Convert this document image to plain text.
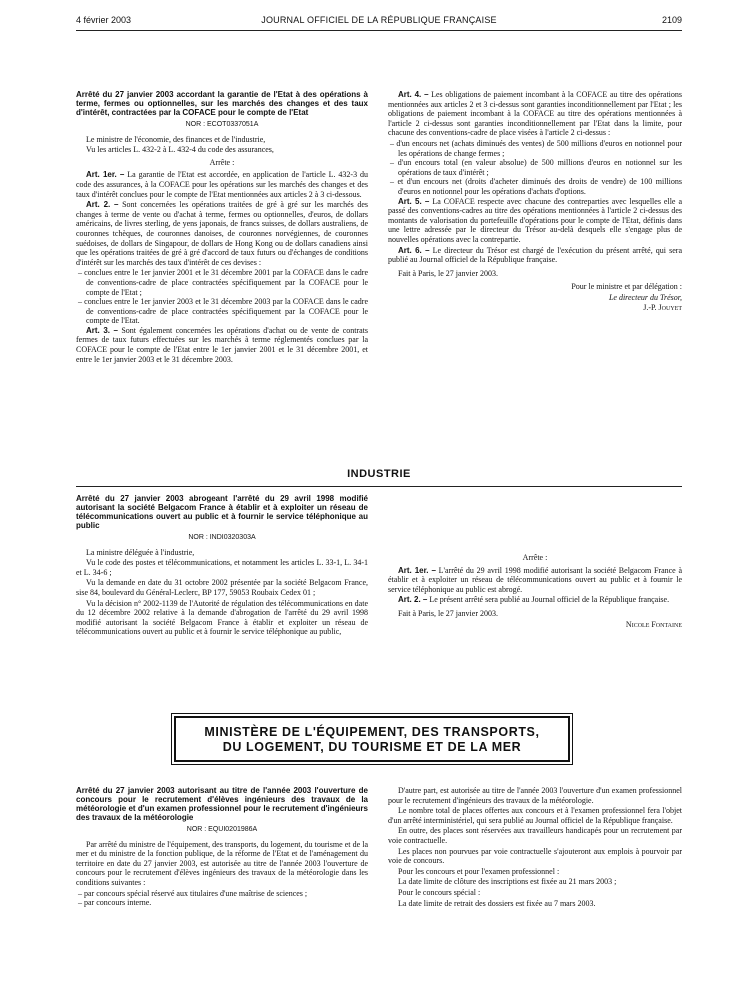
4 février 2003	JOURNAL OFFICIEL DE LA RÉPUBLIQUE FRANÇAISE	2109

Arrêté du 27 janvier 2003 accordant la garantie de l'Etat à des opérations à terme, fermes ou optionnelles, sur les marchés des changes et des taux d'intérêt, contractées par la COFACE pour le compte de l'Etat

NOR : ECOT0337051A

Le ministre de l'économie, des finances et de l'industrie,

Vu les articles L. 432-2 à L. 432-4 du code des assurances,

Arrête :

Art. 1er. – La garantie de l'Etat est accordée, en application de l'article L. 432-3 du code des assurances, à la COFACE pour les opérations sur les marchés des changes et des taux d'intérêt conclues pour le compte de l'Etat mentionnées aux articles 2 à 3 ci-dessous.

Art. 2. – Sont concernées les opérations traitées de gré à gré sur les marchés des changes à terme de vente ou d'achat à terme, fermes ou optionnelles, d'euros, de dollars américains, de livres sterling, de yens japonais, de francs suisses, de dollars australiens, de couronnes tchèques, de couronnes danoises, de couronnes norvégiennes, de couronnes suédoises, de dollars de Singapour, de dollars de Hong Kong ou de dollars canadiens ainsi que les opérations traitées de gré à gré d'accord de taux futurs ou d'échanges de conditions d'intérêt sur les marchés des taux d'intérêt de ces devises :

– conclues entre le 1er janvier 2001 et le 31 décembre 2001 par la COFACE dans le cadre de conventions-cadre de place contractées spécifiquement par la COFACE pour le compte de l'Etat ;
– conclues entre le 1er janvier 2003 et le 31 décembre 2003 par la COFACE dans le cadre de conventions-cadre de place contractées spécifiquement par la COFACE pour le compte de l'Etat.

Art. 3. – Sont également concernées les opérations d'achat ou de vente de contrats fermes de taux futurs effectuées sur les marchés à terme réglementés conclues par la COFACE pour le compte de l'Etat entre le 1er janvier 2001 et le 31 décembre 2001, et entre le 1er janvier 2003 et le 31 décembre 2003.

Art. 4. – Les obligations de paiement incombant à la COFACE au titre des opérations mentionnées aux articles 2 et 3 ci-dessus sont garanties inconditionnellement par l'Etat ; les obligations de paiement incombant à la COFACE au titre des opérations mentionnées à l'article 2 ci-dessus sont garanties inconditionnellement par l'Etat dans la limite, pour chacune des conventions-cadre de place visées à l'article 2 ci-dessus :

– d'un encours net (achats diminués des ventes) de 500 millions d'euros en notionnel pour les opérations de change fermes ;
– d'un encours total (en valeur absolue) de 500 millions d'euros en notionnel sur les opérations de taux d'intérêt ;
– et d'un encours net (droits d'acheter diminués des droits de vendre) de 100 millions d'euros en notionnel pour les opérations d'achats d'options.

Art. 5. – La COFACE respecte avec chacune des contreparties avec lesquelles elle a passé des conventions-cadres au titre des opérations mentionnées à l'article 2 ci-dessus des montants de valorisation du portefeuille d'opérations pour le compte de l'Etat, définis dans une lettre adressée par le directeur du Trésor au-delà desquels elle s'engage plus de nouvelles opérations avec la contrepartie.

Art. 6. – Le directeur du Trésor est chargé de l'exécution du présent arrêté, qui sera publié au Journal officiel de la République française.

Fait à Paris, le 27 janvier 2003.

Pour le ministre et par délégation :

Le directeur du Trésor,

J.-P. Jouyet

INDUSTRIE

Arrêté du 27 janvier 2003 abrogeant l'arrêté du 29 avril 1998 modifié autorisant la société Belgacom France à établir et à exploiter un réseau de télécommunications ouvert au public et à fournir le service téléphonique au public

NOR : INDI0320303A

La ministre déléguée à l'industrie,

Vu le code des postes et télécommunications, et notamment les articles L. 33-1, L. 34-1 et L. 34-6 ;

Vu la demande en date du 31 octobre 2002 présentée par la société Belgacom France, sise 84, boulevard du Général-Leclerc, BP 177, 59053 Roubaix Cedex 01 ;

Vu la décision n° 2002-1139 de l'Autorité de régulation des télécommunications en date du 12 décembre 2002 relative à la demande d'abrogation de l'arrêté du 29 avril 1998 modifié autorisant la société Belgacom France à établir et exploiter un réseau de télécommunications ouvert au public et à fournir le service téléphonique au public,

Arrête :

Art. 1er. – L'arrêté du 29 avril 1998 modifié autorisant la société Belgacom France à établir et à exploiter un réseau de télécommunications ouvert au public et à fournir le service téléphonique au public est abrogé.

Art. 2. – Le présent arrêté sera publié au Journal officiel de la République française.

Fait à Paris, le 27 janvier 2003.

Nicole Fontaine

MINISTÈRE DE L'ÉQUIPEMENT, DES TRANSPORTS,
DU LOGEMENT, DU TOURISME ET DE LA MER

Arrêté du 27 janvier 2003 autorisant au titre de l'année 2003 l'ouverture de concours pour le recrutement d'élèves ingénieurs des travaux de la météorologie et d'un examen professionnel pour le recrutement d'ingénieurs des travaux de la météorologie

NOR : EQUI0201986A

Par arrêté du ministre de l'équipement, des transports, du logement, du tourisme et de la mer et du ministre de la fonction publique, de la réforme de l'Etat et de l'aménagement du territoire en date du 27 janvier 2003, est autorisée au titre de l'année 2003 l'ouverture de concours pour le recrutement d'élèves ingénieurs des travaux de la météorologie dans les conditions suivantes :

– par concours spécial réservé aux titulaires d'une maîtrise de sciences ;
– par concours interne.

D'autre part, est autorisée au titre de l'année 2003 l'ouverture d'un examen professionnel pour le recrutement d'ingénieurs des travaux de la météorologie.

Le nombre total de places offertes aux concours et à l'examen professionnel fera l'objet d'un arrêté interministériel, qui sera publié au Journal officiel de la République française.

En outre, des places sont réservées aux travailleurs handicapés pour un recrutement par voie contractuelle.

Les places non pourvues par voie contractuelle s'ajouteront aux emplois à pourvoir par voie de concours.

Pour les concours et pour l'examen professionnel :

La date limite de clôture des inscriptions est fixée au 21 mars 2003 ;

Pour le concours spécial :

La date limite de retrait des dossiers est fixée au 7 mars 2003.
